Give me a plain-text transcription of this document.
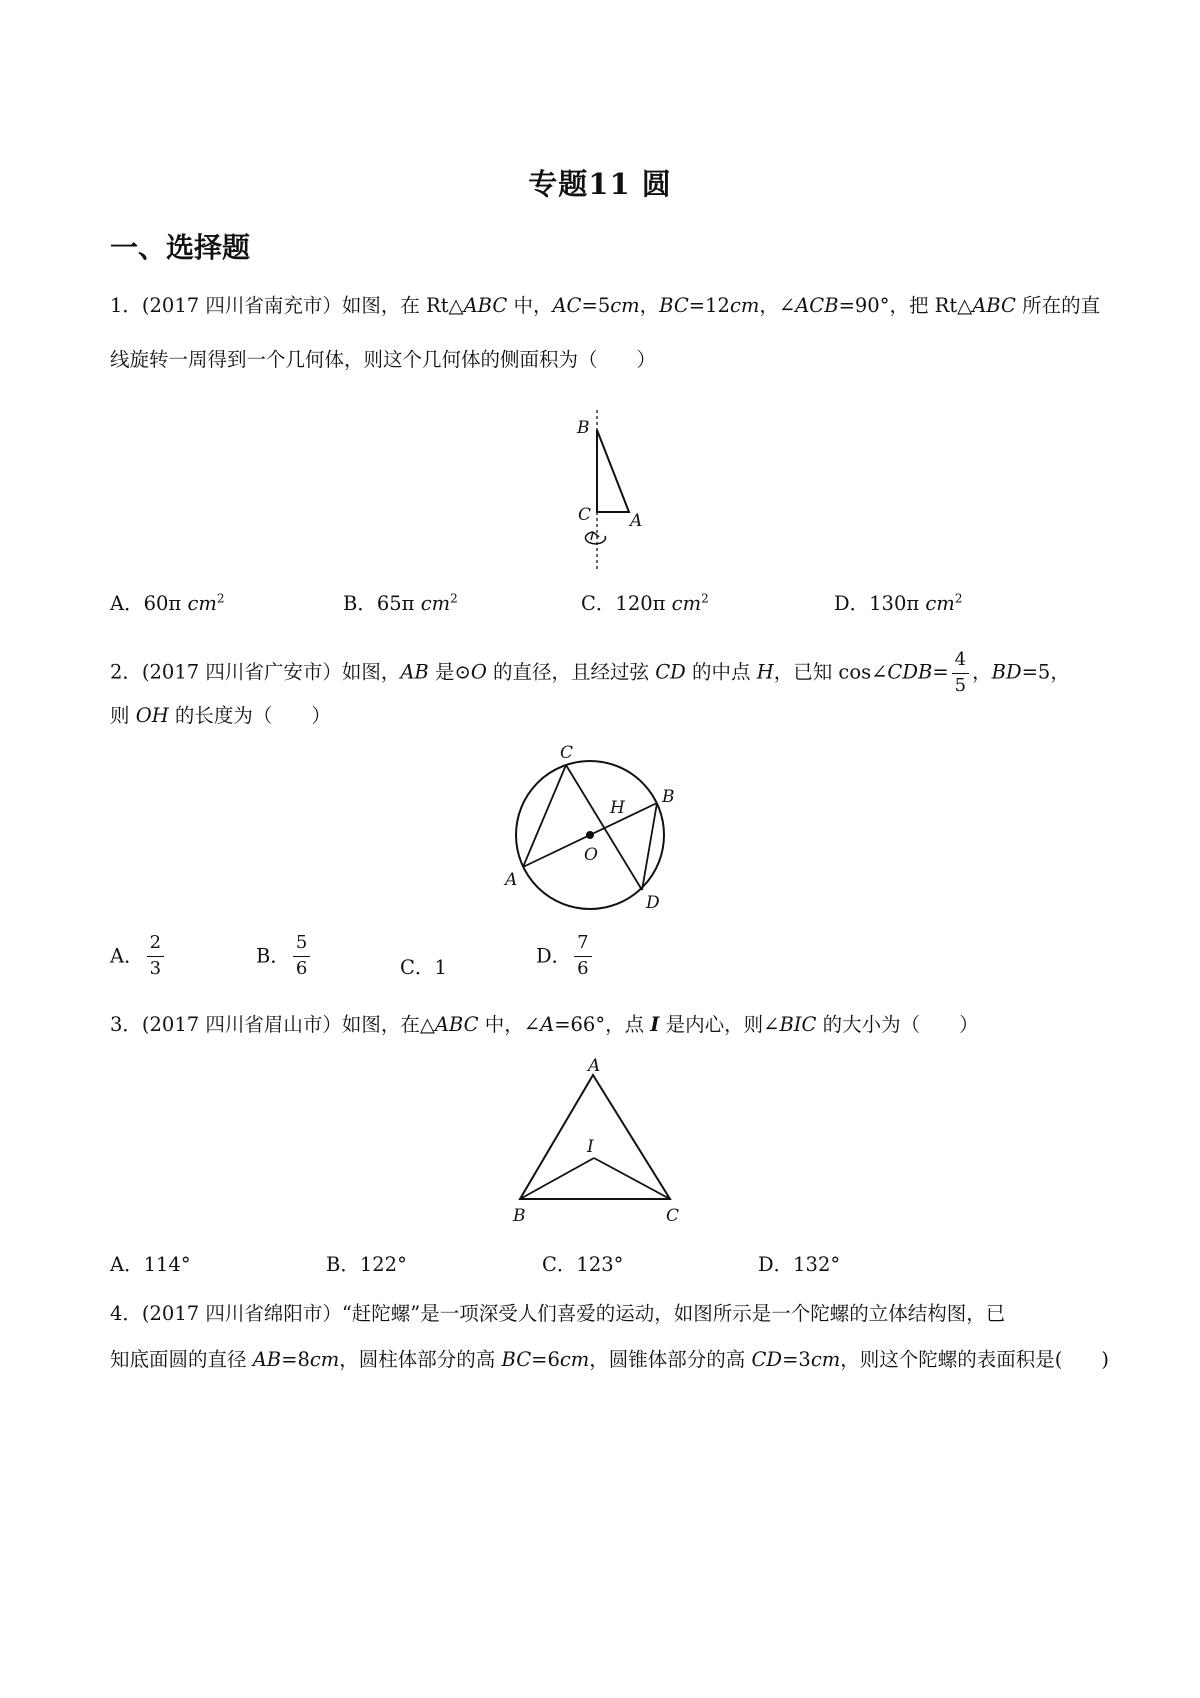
专题11 圆
一、选择题
1．(2017 四川省南充市）如图，在 Rt△ABC 中，AC=5cm，BC=12cm，∠ACB=90°，把 Rt△ABC 所在的直
线旋转一周得到一个几何体，则这个几何体的侧面积为（　　）
B
C A
A．60π $cm^2$	B．65π $cm^2$	C．120π $cm^2$	D．130π $cm^2$
2．(2017 四川省广安市）如图，AB 是⊙O 的直径，且经过弦 CD 的中点 H，已知 cos∠CDB= $\frac{4}{5}$ ，BD=5，
则 OH 的长度为（　　）
C
H
B
O
A
D
A． $\frac{2}{3}$	B． $\frac{5}{6}$	C．1
D． $\frac{7}{6}$
3．(2017 四川省眉山市）如图，在△ABC 中，∠A=66°，点 I 是内心，则∠BIC 的大小为（　　）
A
I
B	C
A．114°	B．122°	C．123°	D．132°
4．(2017 四川省绵阳市）“赶陀螺”是一项深受人们喜爱的运动，如图所示是一个陀螺的立体结构图，已
知底面圆的直径 AB=8cm，圆柱体部分的高 BC=6cm，圆锥体部分的高 CD=3cm，则这个陀螺的表面积是(　　)
